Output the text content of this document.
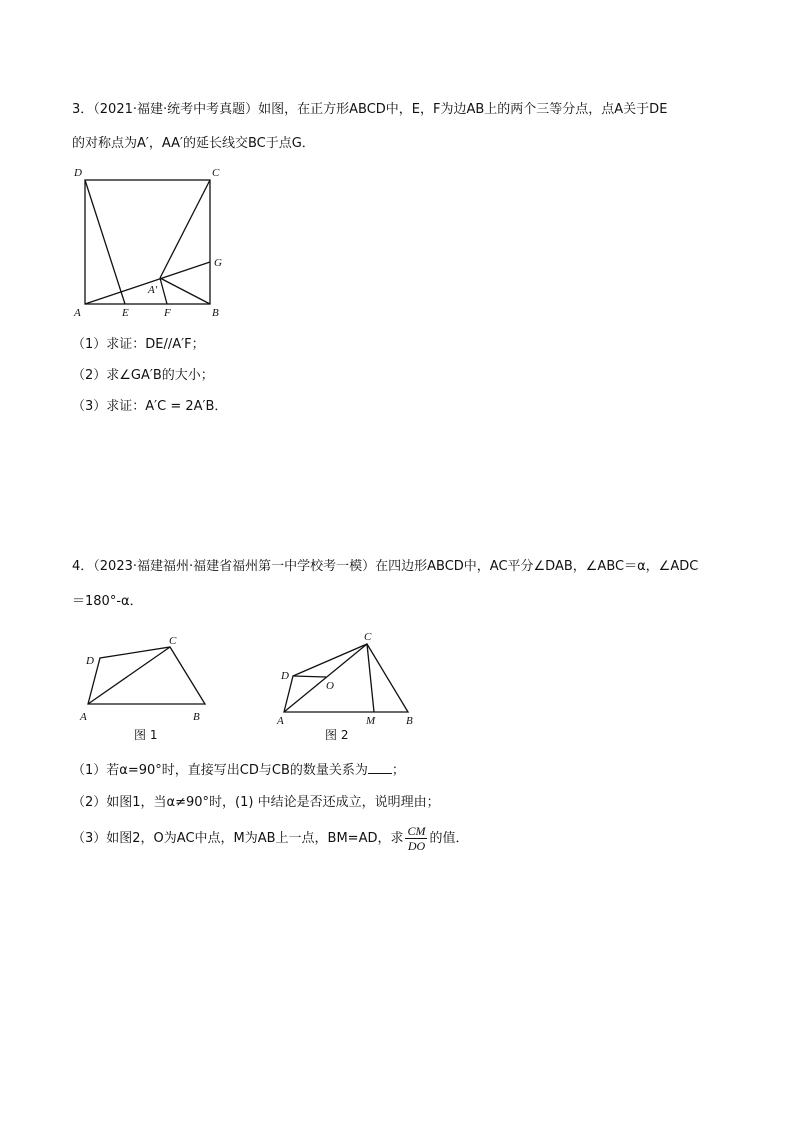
3．（2021·福建·统考中考真题）如图，在正方形ABCD中，E，F为边AB上的两个三等分点，点A关于DE
的对称点为A′，AA′的延长线交BC于点G．
D	C
G
A′
A	E	F	B
（1）求证：DE//A′F；
（2）求∠GA′B的大小；
（3）求证：A′C = 2A′B．
4．（2023·福建福州·福建省福州第一中学校考一模）在四边形ABCD中，AC平分∠DAB，∠ABC＝α，∠ADC
＝180°-α．
D
C
A	B
图 1
D
C
O
A	M	B
图 2
（1）若α=90°时，直接写出CD与CB的数量关系为 ；
（2）如图1，当α≠90°时，(1) 中结论是否还成立，说明理由；
（3）如图2，O为AC中点，M为AB上一点，BM=AD，求 $\frac{CM}{DO}$ 的值．
